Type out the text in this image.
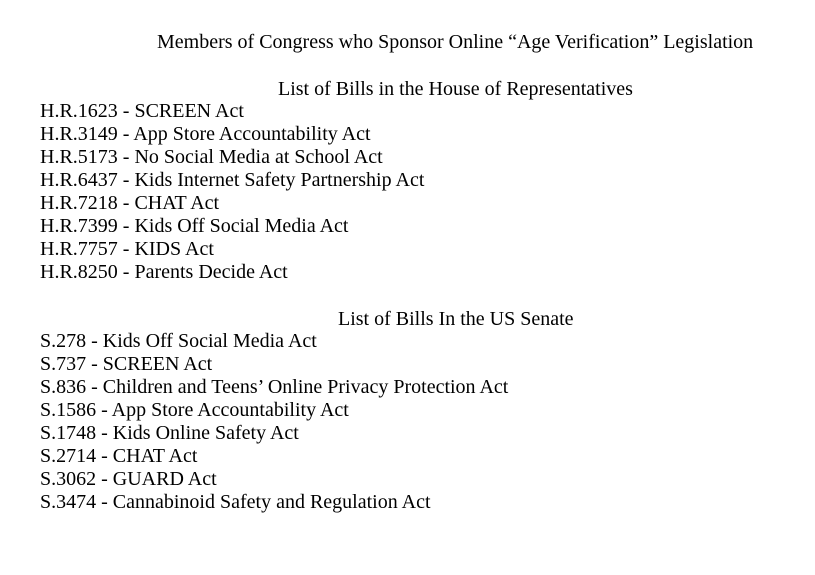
Members of Congress who Sponsor Online “Age Verification” Legislation
List of Bills in the House of Representatives
H.R.1623 - SCREEN Act
H.R.3149 - App Store Accountability Act
H.R.5173 - No Social Media at School Act
H.R.6437 - Kids Internet Safety Partnership Act
H.R.7218 - CHAT Act
H.R.7399 - Kids Off Social Media Act
H.R.7757 - KIDS Act
H.R.8250 - Parents Decide Act
List of Bills In the US Senate
S.278 - Kids Off Social Media Act
S.737 - SCREEN Act
S.836 - Children and Teens’ Online Privacy Protection Act
S.1586 - App Store Accountability Act
S.1748 - Kids Online Safety Act
S.2714 - CHAT Act
S.3062 - GUARD Act
S.3474 - Cannabinoid Safety and Regulation Act
